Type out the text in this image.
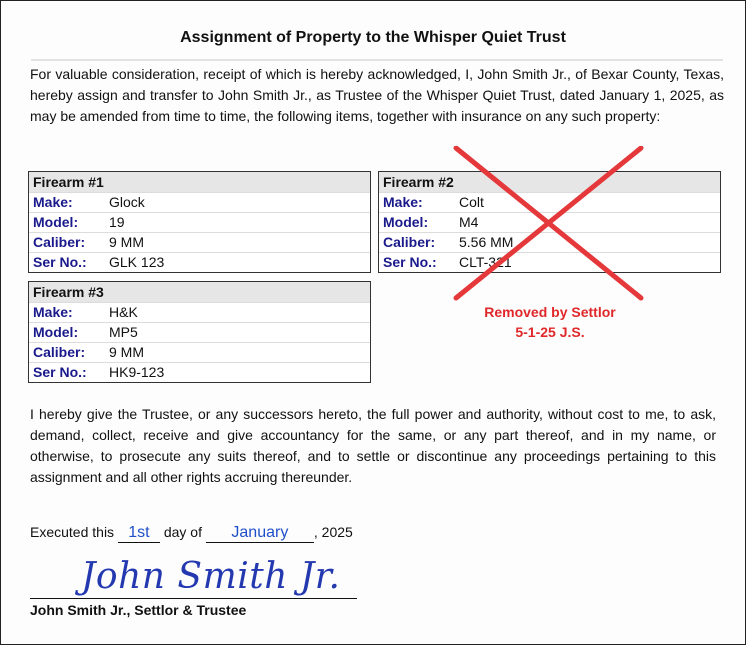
Assignment of Property to the Whisper Quiet Trust
For valuable consideration, receipt of which is hereby acknowledged, I, John Smith Jr., of Bexar County, Texas, hereby assign and transfer to John Smith Jr., as Trustee of the Whisper Quiet Trust, dated January 1, 2025, as may be amended from time to time, the following items, together with insurance on any such property:
Firearm #1
Make:	Glock
Model:	19
Caliber:	9 MM
Ser No.:	GLK 123
Firearm #2
Make:	Colt
Model:	M4
Caliber:	5.56 MM
Ser No.:	CLT-321
Firearm #3
Make:	H&K
Model:	MP5
Caliber:	9 MM
Ser No.:	HK9-123
Removed by Settlor
5-1-25 J.S.
I hereby give the Trustee, or any successors hereto, the full power and authority, without cost to me, to ask, demand, collect, receive and give accountancy for the same, or any part thereof, and in my name, or otherwise, to prosecute any suits thereof, and to settle or discontinue any proceedings pertaining to this assignment and all other rights accruing thereunder.
Executed this 1st day of January , 2025
John Smith Jr.
John Smith Jr., Settlor & Trustee
